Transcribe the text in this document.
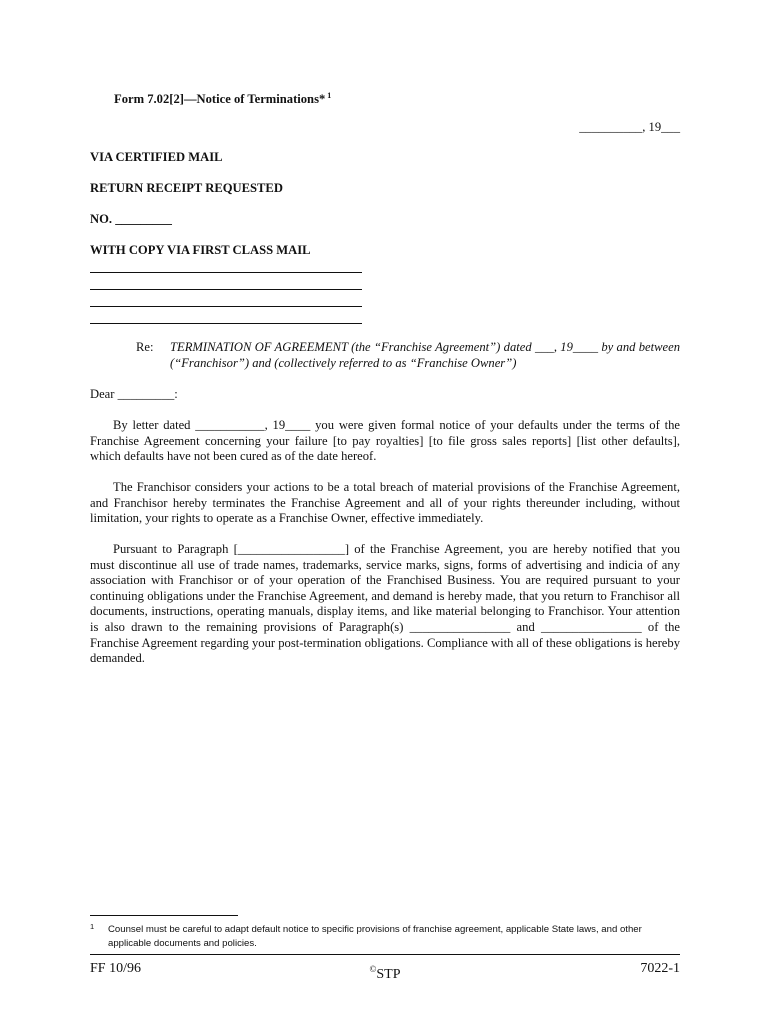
Form 7.02[2]—Notice of Terminations* $^1$
__________, 19___
VIA CERTIFIED MAIL
RETURN RECEIPT REQUESTED
NO. _________
WITH COPY VIA FIRST CLASS MAIL
Re: TERMINATION OF AGREEMENT (the “Franchise Agreement”) dated ___, 19____ by and between (“Franchisor”) and (collectively referred to as “Franchise Owner”)
Dear _________:
By letter dated ___________, 19____ you were given formal notice of your defaults under the terms of the Franchise Agreement concerning your failure [to pay royalties] [to file gross sales reports] [list other defaults], which defaults have not been cured as of the date hereof.
The Franchisor considers your actions to be a total breach of material provisions of the Franchise Agreement, and Franchisor hereby terminates the Franchise Agreement and all of your rights thereunder including, without limitation, your rights to operate as a Franchise Owner, effective immediately.
Pursuant to Paragraph [_________________] of the Franchise Agreement, you are hereby notified that you must discontinue all use of trade names, trademarks, service marks, signs, forms of advertising and indicia of any association with Franchisor or of your operation of the Franchised Business. You are required pursuant to your continuing obligations under the Franchise Agreement, and demand is hereby made, that you return to Franchisor all documents, instructions, operating manuals, display items, and like material belonging to Franchisor. Your attention is also drawn to the remaining provisions of Paragraph(s) ________________ and ________________ of the Franchise Agreement regarding your post-termination obligations. Compliance with all of these obligations is hereby demanded.
1 Counsel must be careful to adapt default notice to specific provisions of franchise agreement, applicable State laws, and other applicable documents and policies.
FF 10/96	©STP	7022-1
